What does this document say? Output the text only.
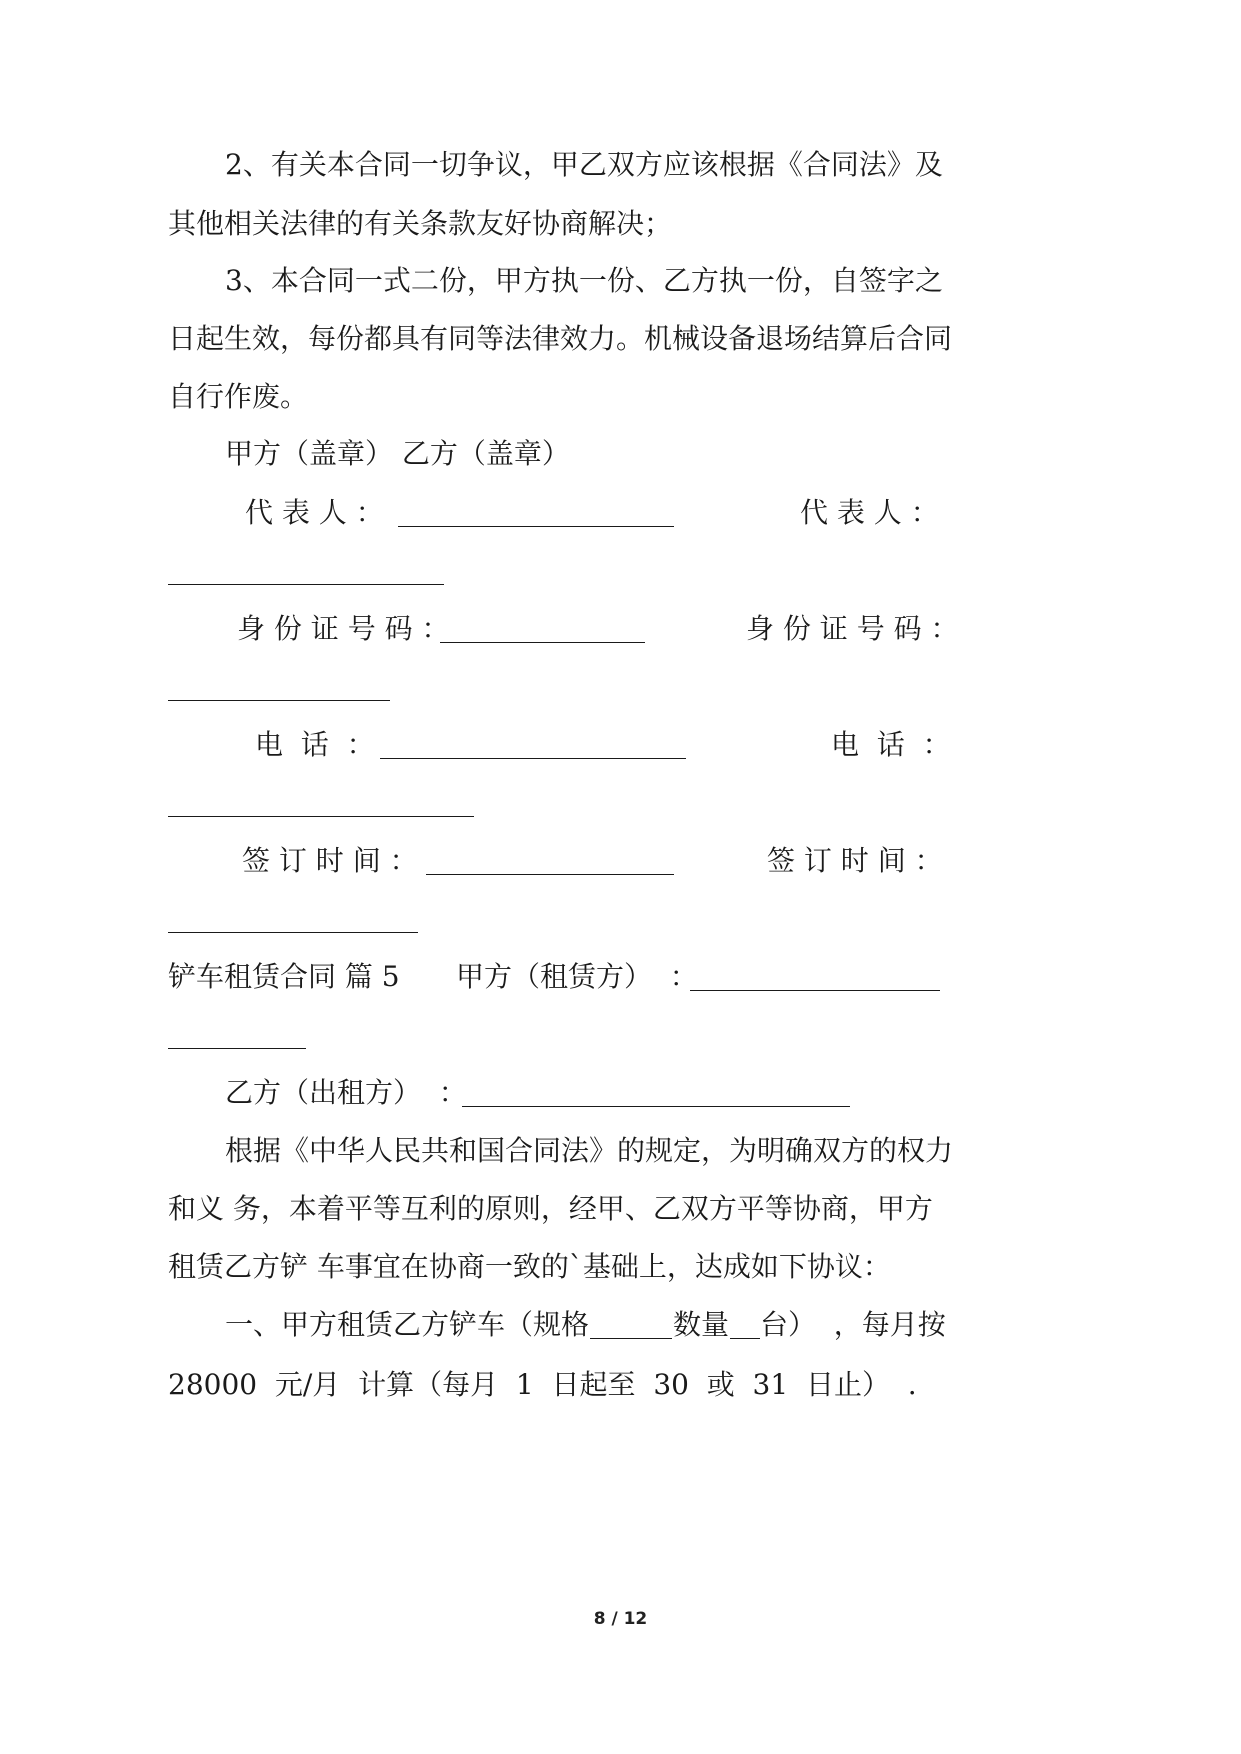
2、有关本合同一切争议，甲乙双方应该根据《合同法》及
其他相关法律的有关条款友好协商解决；
3、本合同一式二份，甲方执一份、乙方执一份，自签字之
日起生效，每份都具有同等法律效力。机械设备退场结算后合同
自行作废。
甲方（盖章） 乙方（盖章）
代 表 人 ：	代 表 人 ：
身 份 证 号 码 ：	身 份 证 号 码 ：
电  话  ：	电  话  ：
签 订 时 间 ：	签 订 时 间 ：
铲车租赁合同 篇 5 甲方（租赁方）  ：
乙方（出租方）  ：
根据《中华人民共和国合同法》的规定，为明确双方的权力
和义 务，本着平等互利的原则，经甲、乙双方平等协商，甲方
租赁乙方铲 车事宜在协商一致的`基础上，达成如下协议：
一、甲方租赁乙方铲车（规格	数量 台）  ，每月按
28000  元/月  计算（每月  1  日起至  30  或  31  日止）  .
8 / 12
